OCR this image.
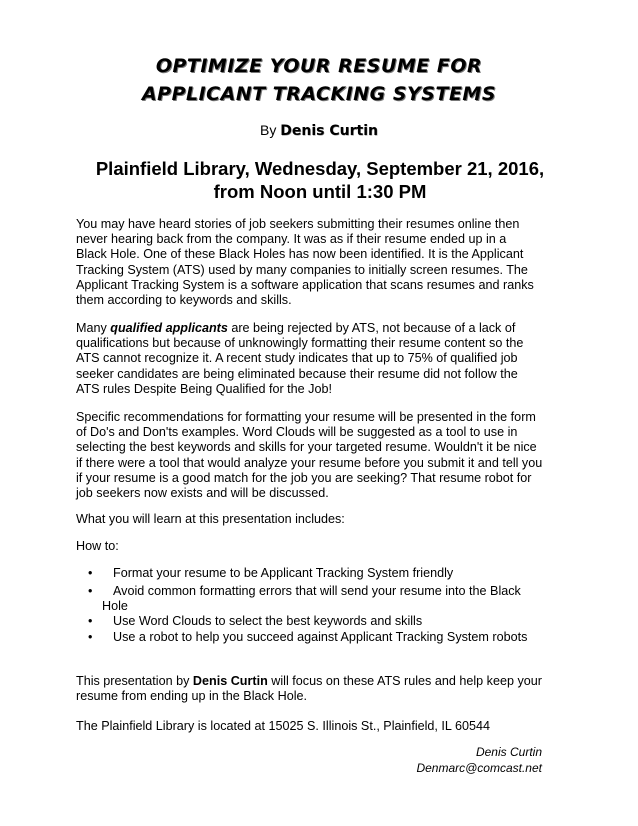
OPTIMIZE YOUR RESUME FOR
APPLICANT TRACKING SYSTEMS
By Denis Curtin
Plainfield Library, Wednesday, September 21, 2016,
from Noon until 1:30 PM
You may have heard stories of job seekers submitting their resumes online then
never hearing back from the company. It was as if their resume ended up in a
Black Hole. One of these Black Holes has now been identified. It is the Applicant
Tracking System (ATS) used by many companies to initially screen resumes. The
Applicant Tracking System is a software application that scans resumes and ranks
them according to keywords and skills.
Many qualified applicants are being rejected by ATS, not because of a lack of
qualifications but because of unknowingly formatting their resume content so the
ATS cannot recognize it. A recent study indicates that up to 75% of qualified job
seeker candidates are being eliminated because their resume did not follow the
ATS rules Despite Being Qualified for the Job!
Specific recommendations for formatting your resume will be presented in the form
of Do's and Don'ts examples. Word Clouds will be suggested as a tool to use in
selecting the best keywords and skills for your targeted resume. Wouldn't it be nice
if there were a tool that would analyze your resume before you submit it and tell you
if your resume is a good match for the job you are seeking? That resume robot for
job seekers now exists and will be discussed.
What you will learn at this presentation includes:
How to:
• Format your resume to be Applicant Tracking System friendly
• Avoid common formatting errors that will send your resume into the Black
Hole
• Use Word Clouds to select the best keywords and skills
• Use a robot to help you succeed against Applicant Tracking System robots
This presentation by Denis Curtin will focus on these ATS rules and help keep your
resume from ending up in the Black Hole.
The Plainfield Library is located at 15025 S. Illinois St., Plainfield, IL 60544
Denis Curtin
Denmarc@comcast.net
